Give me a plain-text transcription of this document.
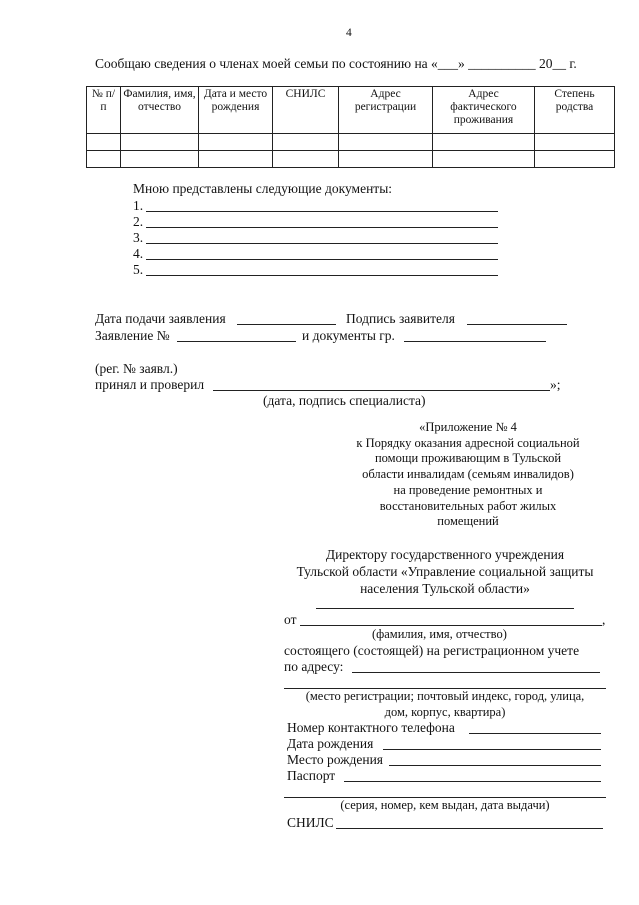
4
Сообщаю сведения о членах моей семьи по состоянию на «___» __________ 20__ г.
№ п/п	Фамилия, имя, отчество	Дата и место рождения	СНИЛС	Адрес регистрации	Адрес фактического проживания	Степень родства

Мною представлены следующие документы:
1.
2.
3.
4.
5.
Дата подачи заявления	Подпись заявителя
Заявление №	и документы гр.
(рег. № заявл.)
принял и проверил	»;
(дата, подпись специалиста)
«Приложение № 4
к Порядку оказания адресной социальной
помощи проживающим в Тульской
области инвалидам (семьям инвалидов)
на проведение ремонтных и
восстановительных работ жилых
помещений
Директору государственного учреждения
Тульской области «Управление социальной защиты
населения Тульской области»
от	,
(фамилия, имя, отчество)
состоящего (состоящей) на регистрационном учете
по адресу:
(место регистрации; почтовый индекс, город, улица,
дом, корпус, квартира)
Номер контактного телефона
Дата рождения
Место рождения
Паспорт
(серия, номер, кем выдан, дата выдачи)
СНИЛС
